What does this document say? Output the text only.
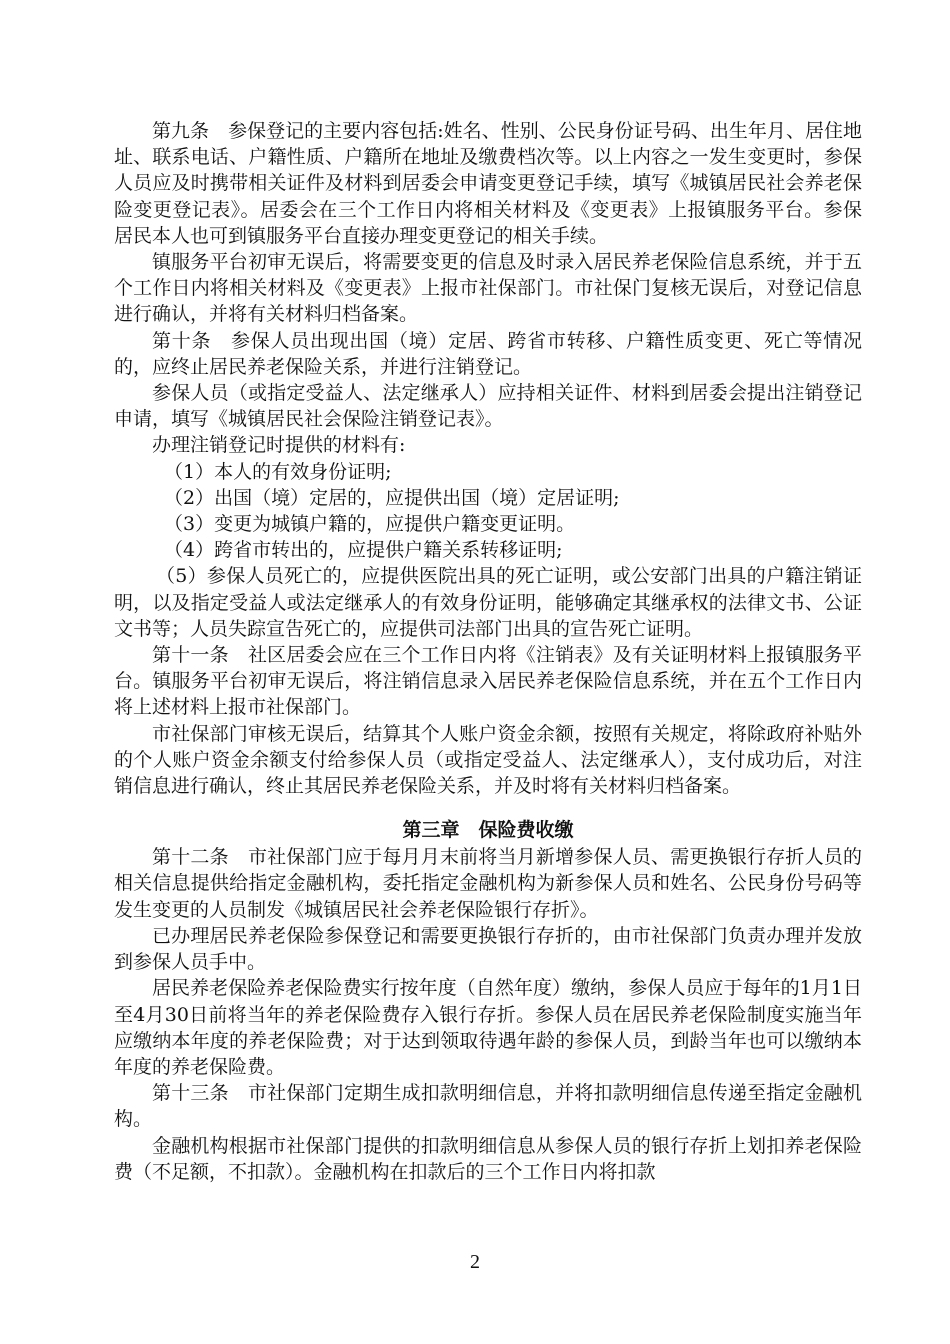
第九条　参保登记的主要内容包括:姓名、性别、公民身份证号码、出生年月、居住地址、联系电话、户籍性质、户籍所在地址及缴费档次等。以上内容之一发生变更时，参保人员应及时携带相关证件及材料到居委会申请变更登记手续，填写《城镇居民社会养老保险变更登记表》。居委会在三个工作日内将相关材料及《变更表》上报镇服务平台。参保居民本人也可到镇服务平台直接办理变更登记的相关手续。

镇服务平台初审无误后，将需要变更的信息及时录入居民养老保险信息系统，并于五个工作日内将相关材料及《变更表》上报市社保部门。市社保门复核无误后，对登记信息进行确认，并将有关材料归档备案。

第十条　参保人员出现出国（境）定居、跨省市转移、户籍性质变更、死亡等情况的，应终止居民养老保险关系，并进行注销登记。

参保人员（或指定受益人、法定继承人）应持相关证件、材料到居委会提出注销登记申请，填写《城镇居民社会保险注销登记表》。

办理注销登记时提供的材料有:

（1）本人的有效身份证明;

（2）出国（境）定居的，应提供出国（境）定居证明;

（3）变更为城镇户籍的，应提供户籍变更证明。

（4）跨省市转出的，应提供户籍关系转移证明;

（5）参保人员死亡的，应提供医院出具的死亡证明，或公安部门出具的户籍注销证明，以及指定受益人或法定继承人的有效身份证明，能够确定其继承权的法律文书、公证文书等；人员失踪宣告死亡的，应提供司法部门出具的宣告死亡证明。

第十一条　社区居委会应在三个工作日内将《注销表》及有关证明材料上报镇服务平台。镇服务平台初审无误后，将注销信息录入居民养老保险信息系统，并在五个工作日内将上述材料上报市社保部门。

市社保部门审核无误后，结算其个人账户资金余额，按照有关规定，将除政府补贴外的个人账户资金余额支付给参保人员（或指定受益人、法定继承人），支付成功后，对注销信息进行确认，终止其居民养老保险关系，并及时将有关材料归档备案。

第三章　保险费收缴

第十二条　市社保部门应于每月月末前将当月新增参保人员、需更换银行存折人员的相关信息提供给指定金融机构，委托指定金融机构为新参保人员和姓名、公民身份号码等发生变更的人员制发《城镇居民社会养老保险银行存折》。

已办理居民养老保险参保登记和需要更换银行存折的，由市社保部门负责办理并发放到参保人员手中。

居民养老保险养老保险费实行按年度（自然年度）缴纳，参保人员应于每年的1月1日至4月30日前将当年的养老保险费存入银行存折。参保人员在居民养老保险制度实施当年应缴纳本年度的养老保险费；对于达到领取待遇年龄的参保人员，到龄当年也可以缴纳本年度的养老保险费。

第十三条　市社保部门定期生成扣款明细信息，并将扣款明细信息传递至指定金融机构。

金融机构根据市社保部门提供的扣款明细信息从参保人员的银行存折上划扣养老保险费（不足额，不扣款）。金融机构在扣款后的三个工作日内将扣款

2
